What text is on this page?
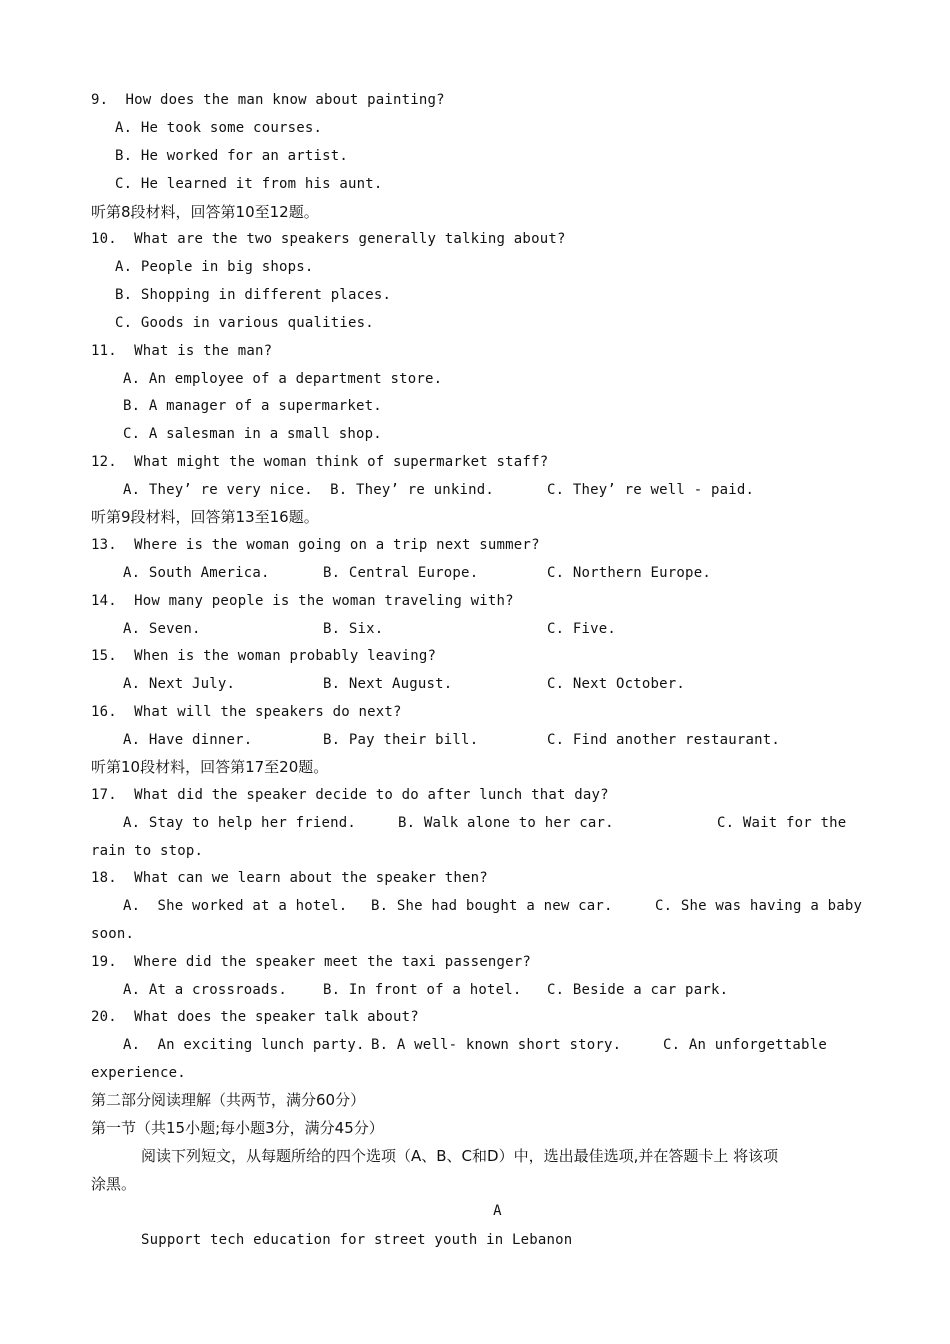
9.  How does the man know about painting?
A. He took some courses.
B. He worked for an artist.
C. He learned it from his aunt.
听第8段材料，回答第10至12题。
10.  What are the two speakers generally talking about?
A. People in big shops.
B. Shopping in different places.
C. Goods in various qualities.
11.  What is the man?
A. An employee of a department store.
B. A manager of a supermarket.
C. A salesman in a small shop.
12.  What might the woman think of supermarket staff?
A. They’ re very nice.  B. They’ re unkind.	C. They’ re well - paid.
听第9段材料，回答第13至16题。
13.  Where is the woman going on a trip next summer?
A. South America.	B. Central Europe.	C. Northern Europe.
14.  How many people is the woman traveling with?
A. Seven.	B. Six.	C. Five.
15.  When is the woman probably leaving?
A. Next July.	B. Next August.	C. Next October.
16.  What will the speakers do next?
A. Have dinner.	B. Pay their bill.	C. Find another restaurant.
听第10段材料，回答第17至20题。
17.  What did the speaker decide to do after lunch that day?
A. Stay to help her friend.	B. Walk alone to her car.	C. Wait for the
rain to stop.
18.  What can we learn about the speaker then?
A.  She worked at a hotel. B. She had bought a new car.	C. She was having a baby
soon.
19.  Where did the speaker meet the taxi passenger?
A. At a crossroads.	B. In front of a hotel. C. Beside a car park.
20.  What does the speaker talk about?
A.  An exciting lunch party. B. A well- known short story.	C. An unforgettable
experience.
第二部分阅读理解（共两节，满分60分）
第一节（共15小题;每小题3分，满分45分）
阅读下列短文，从每题所给的四个选项（A、B、C和D）中，选出最佳选项,并在答题卡上 将该项
涂黑。
A
Support tech education for street youth in Lebanon
